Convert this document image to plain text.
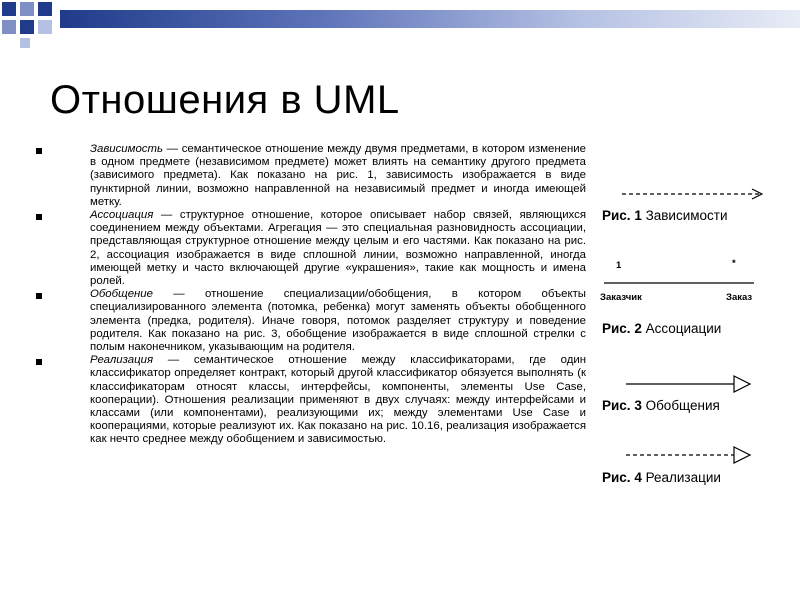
Отношения в UML
Зависимость — семантическое отношение между двумя предметами, в котором изменение в одном предмете (независимом предмете) может влиять на семантику другого предмета (зависимого предмета). Как показано на рис. 1, зависимость изображается в виде пунктирной линии, возможно направленной на независимый предмет и иногда имеющей метку.
Ассоциация — структурное отношение, которое описывает набор связей, являющихся соединением между объектами. Агрегация — это специальная разновидность ассоциации, представляющая структурное отношение между целым и его частями. Как показано на рис. 2, ассоциация изображается в виде сплошной линии, возможно направленной, иногда имеющей метку и часто включающей другие «украшения», такие как мощность и имена ролей.
Обобщение — отношение специализации/обобщения, в котором объекты специализированного элемента (потомка, ребенка) могут заменять объекты обобщенного элемента (предка, родителя). Иначе говоря, потомок разделяет структуру и поведение родителя. Как показано на рис. 3, обобщение изображается в виде сплошной стрелки с полым наконечником, указывающим на родителя.
Реализация — семантическое отношение между классификаторами, где один классификатор определяет контракт, который другой классификатор обязуется выполнять (к классификаторам относят классы, интерфейсы, компоненты, элементы Use Case, кооперации). Отношения реализации применяют в двух случаях: между интерфейсами и классами (или компонентами), реализующими их; между элементами Use Case и кооперациями, которые реализуют их. Как показано на рис. 10.16, реализация изображается как нечто среднее между обобщением и зависимостью.
Рис. 1 Зависимости
1	*
Заказчик	Заказ
Рис. 2 Ассоциации
Рис. 3 Обобщения
Рис. 4 Реализации
